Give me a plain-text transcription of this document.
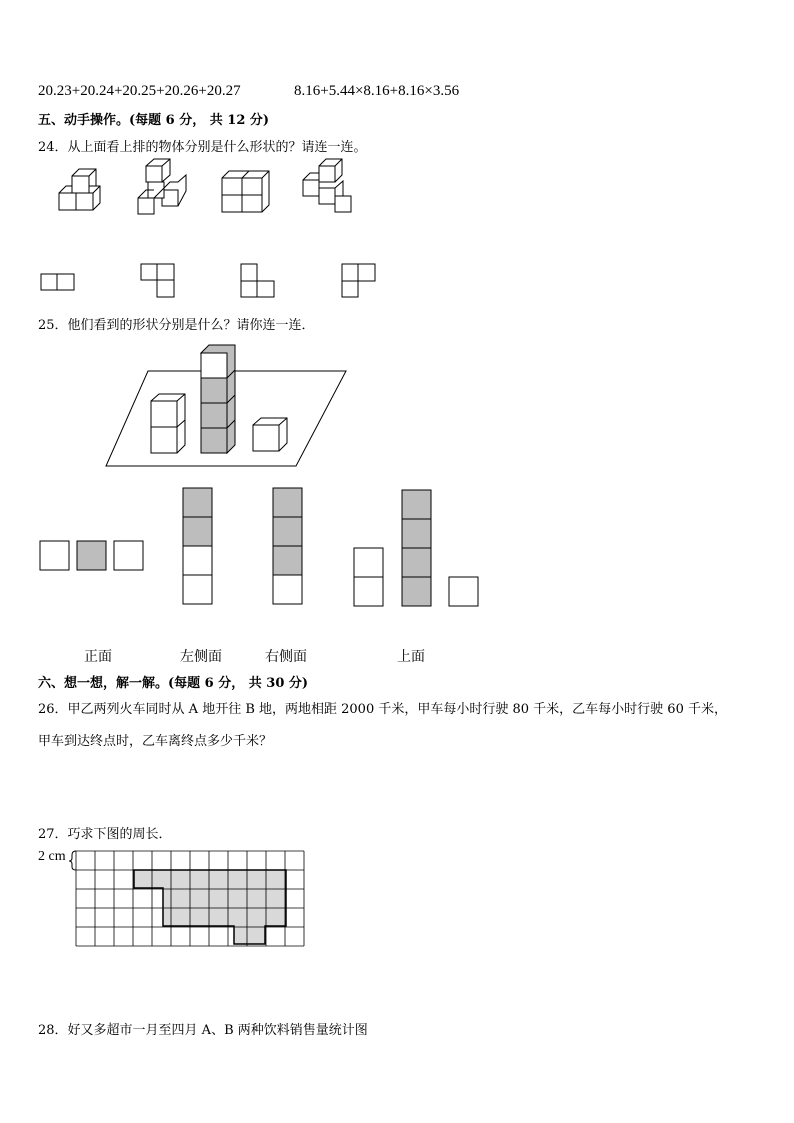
20.23+20.24+20.25+20.26+20.27	8.16+5.44×8.16+8.16×3.56
五、动手操作。(每题 6 分， 共 12 分)
24．从上面看上排的物体分别是什么形状的？请连一连。
25．他们看到的形状分别是什么？请你连一连．
正面	左侧面	右侧面	上面
六、想一想，解一解。(每题 6 分， 共 30 分)
26．甲乙两列火车同时从 A 地开往 B 地，两地相距 2000 千米，甲车每小时行驶 80 千米，乙车每小时行驶 60 千米，
甲车到达终点时，乙车离终点多少千米？
27．巧求下图的周长．
2 cm
28．好又多超市一月至四月 A、B 两种饮料销售量统计图
